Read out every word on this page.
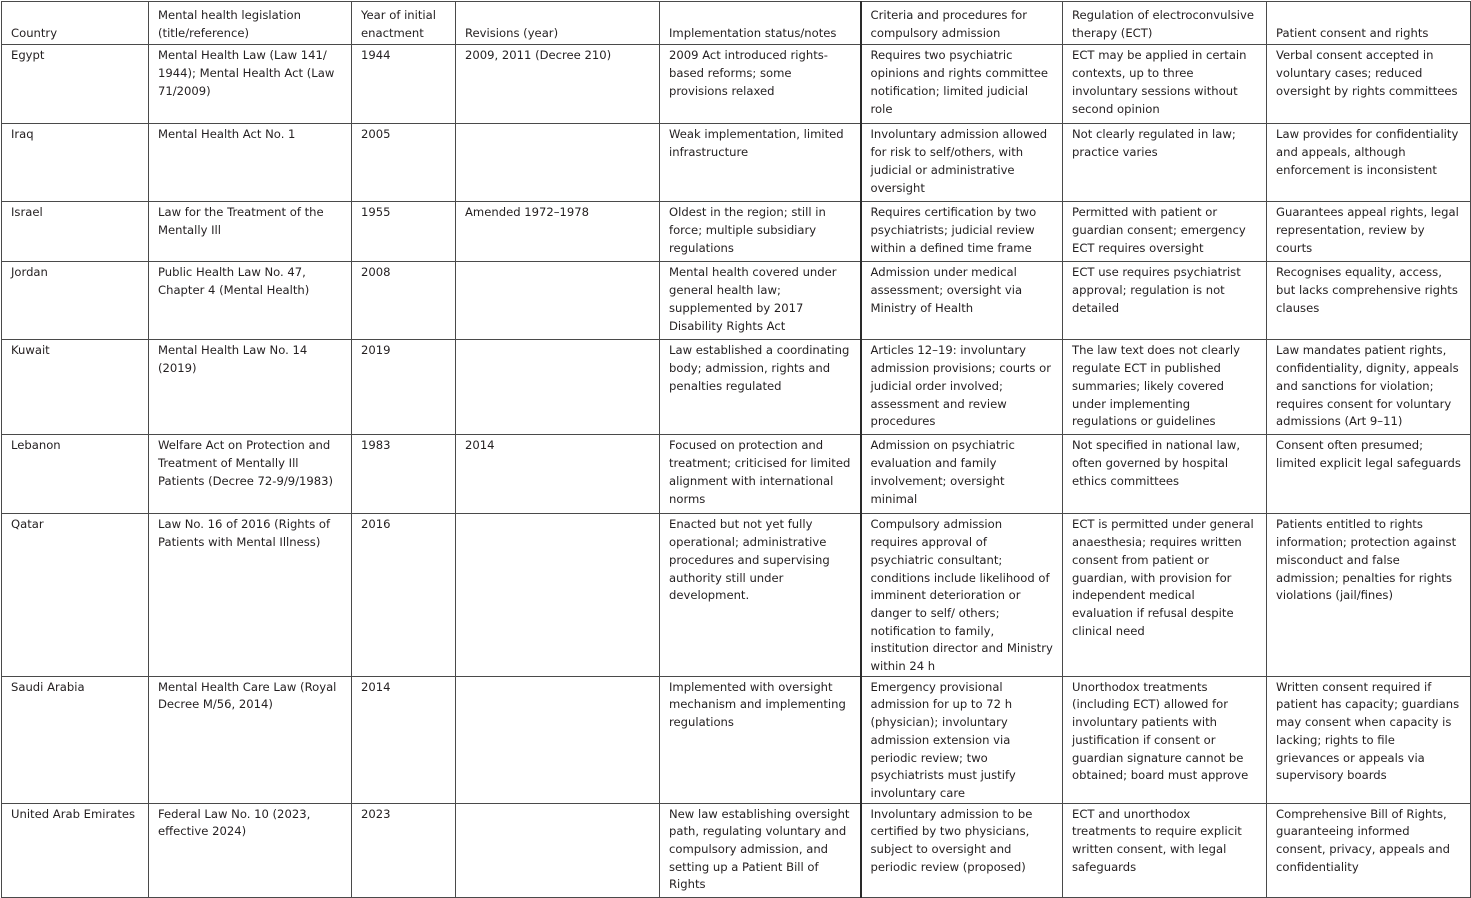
Country	Mental health legislation (title/reference)	Year of initial enactment	Revisions (year)	Implementation status/notes	Criteria and procedures for compulsory admission	Regulation of electroconvulsive therapy (ECT)	Patient consent and rights
Egypt	Mental Health Law (Law 141/ 1944); Mental Health Act (Law 71/2009)	1944	2009, 2011 (Decree 210)	2009 Act introduced rights-based reforms; some provisions relaxed	Requires two psychiatric opinions and rights committee notification; limited judicial role	ECT may be applied in certain contexts, up to three involuntary sessions without second opinion	Verbal consent accepted in voluntary cases; reduced oversight by rights committees
Iraq	Mental Health Act No. 1	2005		Weak implementation, limited infrastructure	Involuntary admission allowed for risk to self/others, with judicial or administrative oversight	Not clearly regulated in law; practice varies	Law provides for confidentiality and appeals, although enforcement is inconsistent
Israel	Law for the Treatment of the Mentally Ill	1955	Amended 1972–1978	Oldest in the region; still in force; multiple subsidiary regulations	Requires certification by two psychiatrists; judicial review within a defined time frame	Permitted with patient or guardian consent; emergency ECT requires oversight	Guarantees appeal rights, legal representation, review by courts
Jordan	Public Health Law No. 47, Chapter 4 (Mental Health)	2008		Mental health covered under general health law; supplemented by 2017 Disability Rights Act	Admission under medical assessment; oversight via Ministry of Health	ECT use requires psychiatrist approval; regulation is not detailed	Recognises equality, access, but lacks comprehensive rights clauses
Kuwait	Mental Health Law No. 14 (2019)	2019		Law established a coordinating body; admission, rights and penalties regulated	Articles 12–19: involuntary admission provisions; courts or judicial order involved; assessment and review procedures	The law text does not clearly regulate ECT in published summaries; likely covered under implementing regulations or guidelines	Law mandates patient rights, confidentiality, dignity, appeals and sanctions for violation; requires consent for voluntary admissions (Art 9–11)
Lebanon	Welfare Act on Protection and Treatment of Mentally Ill Patients (Decree 72-9/9/1983)	1983	2014	Focused on protection and treatment; criticised for limited alignment with international norms	Admission on psychiatric evaluation and family involvement; oversight minimal	Not specified in national law, often governed by hospital ethics committees	Consent often presumed; limited explicit legal safeguards
Qatar	Law No. 16 of 2016 (Rights of Patients with Mental Illness)	2016		Enacted but not yet fully operational; administrative procedures and supervising authority still under development.	Compulsory admission requires approval of psychiatric consultant; conditions include likelihood of imminent deterioration or danger to self/ others; notification to family, institution director and Ministry within 24 h	ECT is permitted under general anaesthesia; requires written consent from patient or guardian, with provision for independent medical evaluation if refusal despite clinical need	Patients entitled to rights information; protection against misconduct and false admission; penalties for rights violations (jail/fines)
Saudi Arabia	Mental Health Care Law (Royal Decree M/56, 2014)	2014		Implemented with oversight mechanism and implementing regulations	Emergency provisional admission for up to 72 h (physician); involuntary admission extension via periodic review; two psychiatrists must justify involuntary care	Unorthodox treatments (including ECT) allowed for involuntary patients with justification if consent or guardian signature cannot be obtained; board must approve	Written consent required if patient has capacity; guardians may consent when capacity is lacking; rights to file grievances or appeals via supervisory boards
United Arab Emirates	Federal Law No. 10 (2023, effective 2024)	2023		New law establishing oversight path, regulating voluntary and compulsory admission, and setting up a Patient Bill of Rights	Involuntary admission to be certified by two physicians, subject to oversight and periodic review (proposed)	ECT and unorthodox treatments to require explicit written consent, with legal safeguards	Comprehensive Bill of Rights, guaranteeing informed consent, privacy, appeals and confidentiality
